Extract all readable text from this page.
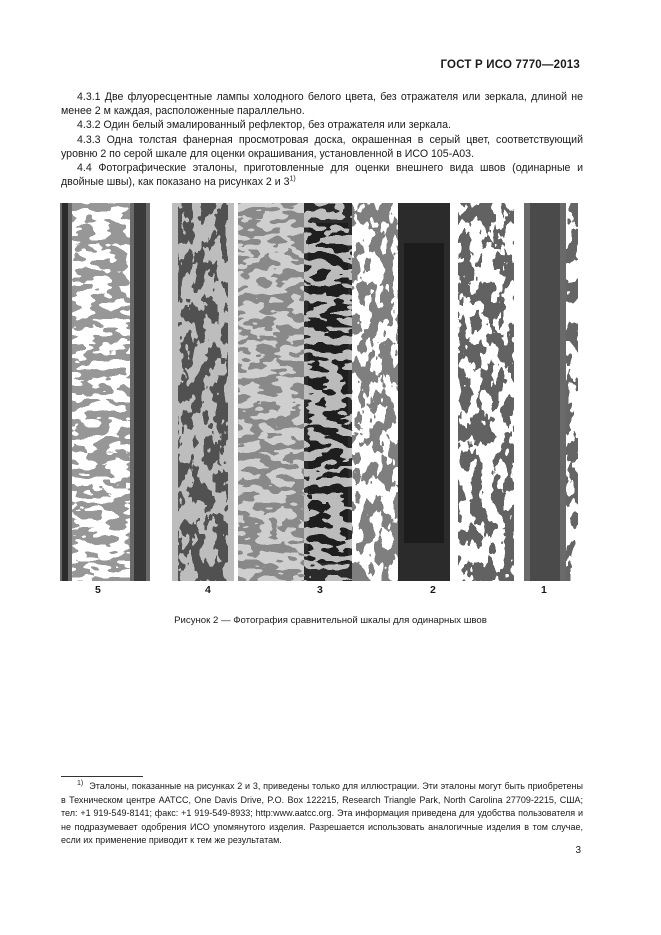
ГОСТ Р ИСО 7770—2013

4.3.1 Две флуоресцентные лампы холодного белого цвета, без отражателя или зеркала, длиной не менее 2 м каждая, расположенные параллельно.

4.3.2 Один белый эмалированный рефлектор, без отражателя или зеркала.

4.3.3 Одна толстая фанерная просмотровая доска, окрашенная в серый цвет, соответствующий уровню 2 по серой шкале для оценки окрашивания, установленной в ИСО 105-А03.

4.4 Фотографические эталоны, приготовленные для оценки внешнего вида швов (одинарные и двойные швы), как показано на рисунках 2 и 3$^{1)}$

5	4	3	2	1
Рисунок 2 — Фотография сравнительной шкалы для одинарных швов
1) Эталоны, показанные на рисунках 2 и 3, приведены только для иллюстрации. Эти эталоны могут быть приобретены в Техническом центре AATCC, One Davis Drive, P.O. Box 122215, Research Triangle Park, North Carolina 27709-2215, США; тел: +1 919-549-8141; факс: +1 919-549-8933; http:www.aatcc.org. Эта информация приведена для удобства пользователя и не подразумевает одобрения ИСО упомянутого изделия. Разрешается использовать аналогичные изделия в том случае, если их применение приводит к тем же результатам.
3
